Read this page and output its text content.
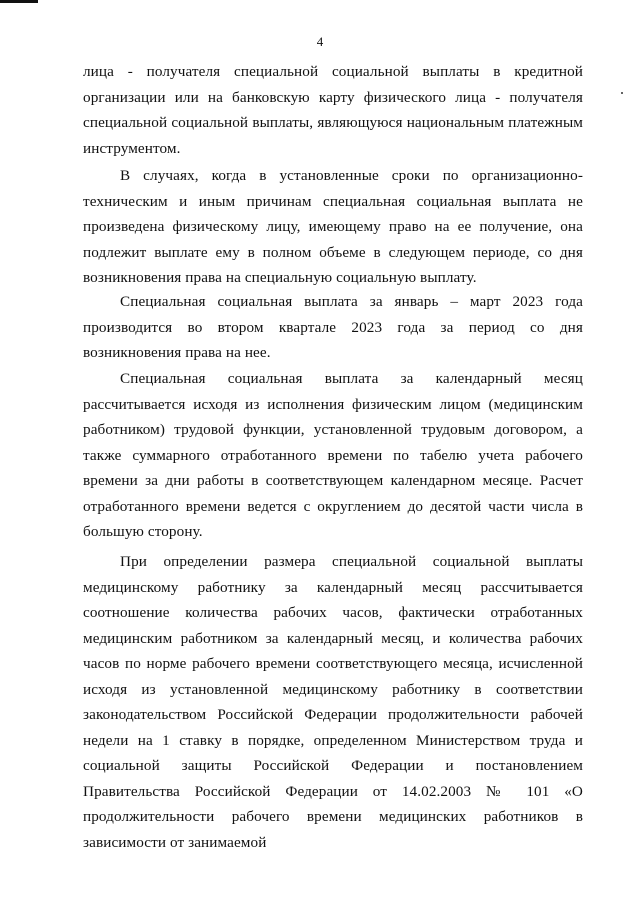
4

лица - получателя специальной социальной выплаты в кредитной организации или на банковскую карту физического лица - получателя специальной социальной выплаты, являющуюся национальным платежным инструментом.

В случаях, когда в установленные сроки по организационно-техническим и иным причинам специальная социальная выплата не произведена физическому лицу, имеющему право на ее получение, она подлежит выплате ему в полном объеме в следующем периоде, со дня возникновения права на специальную социальную выплату.

Специальная социальная выплата за январь – март 2023 года производится во втором квартале 2023 года за период со дня возникновения права на нее.

Специальная социальная выплата за календарный месяц рассчитывается исходя из исполнения физическим лицом (медицинским работником) трудовой функции, установленной трудовым договором, а также суммарного отработанного времени по табелю учета рабочего времени за дни работы в соответствующем календарном месяце. Расчет отработанного времени ведется с округлением до десятой части числа в большую сторону.

При определении размера специальной социальной выплаты медицинскому работнику за календарный месяц рассчитывается соотношение количества рабочих часов, фактически отработанных медицинским работником за календарный месяц, и количества рабочих часов по норме рабочего времени соответствующего месяца, исчисленной исходя из установленной медицинскому работнику в соответствии законодательством Российской Федерации продолжительности рабочей недели на 1 ставку в порядке, определенном Министерством труда и социальной защиты Российской Федерации и постановлением Правительства Российской Федерации от 14.02.2003 № 101 «О продолжительности рабочего времени медицинских работников в зависимости от занимаемой
